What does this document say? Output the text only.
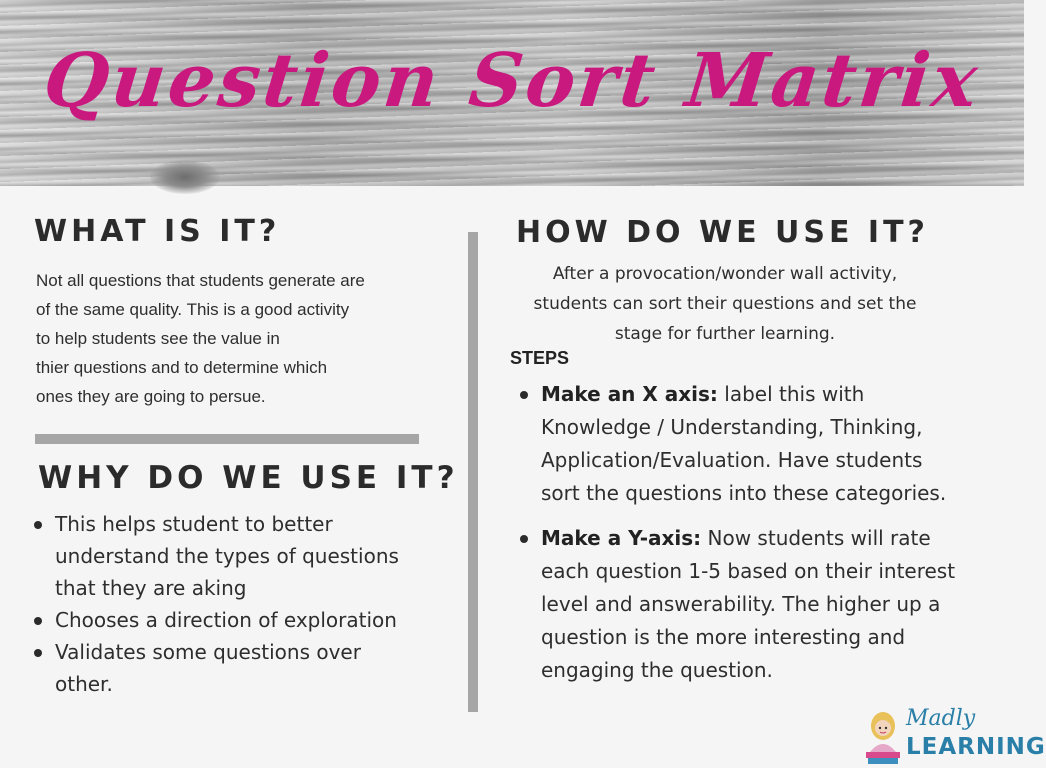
Question Sort Matrix
WHAT IS IT?
Not all questions that students generate are
of the same quality. This is a good activity
to help students see the value in
thier questions and to determine which
ones they are going to persue.
WHY DO WE USE IT?
This helps student to better
understand the types of questions
that they are aking
Chooses a direction of exploration
Validates some questions over
other.
HOW DO WE USE IT?
After a provocation/wonder wall activity,
students can sort their questions and set the
stage for further learning.
STEPS
Make an X axis: label this with
Knowledge / Understanding, Thinking,
Application/Evaluation. Have students
sort the questions into these categories.
Make a Y-axis: Now students will rate
each question 1-5 based on their interest
level and answerability. The higher up a
question is the more interesting and
engaging the question.
Madly
LEARNING
